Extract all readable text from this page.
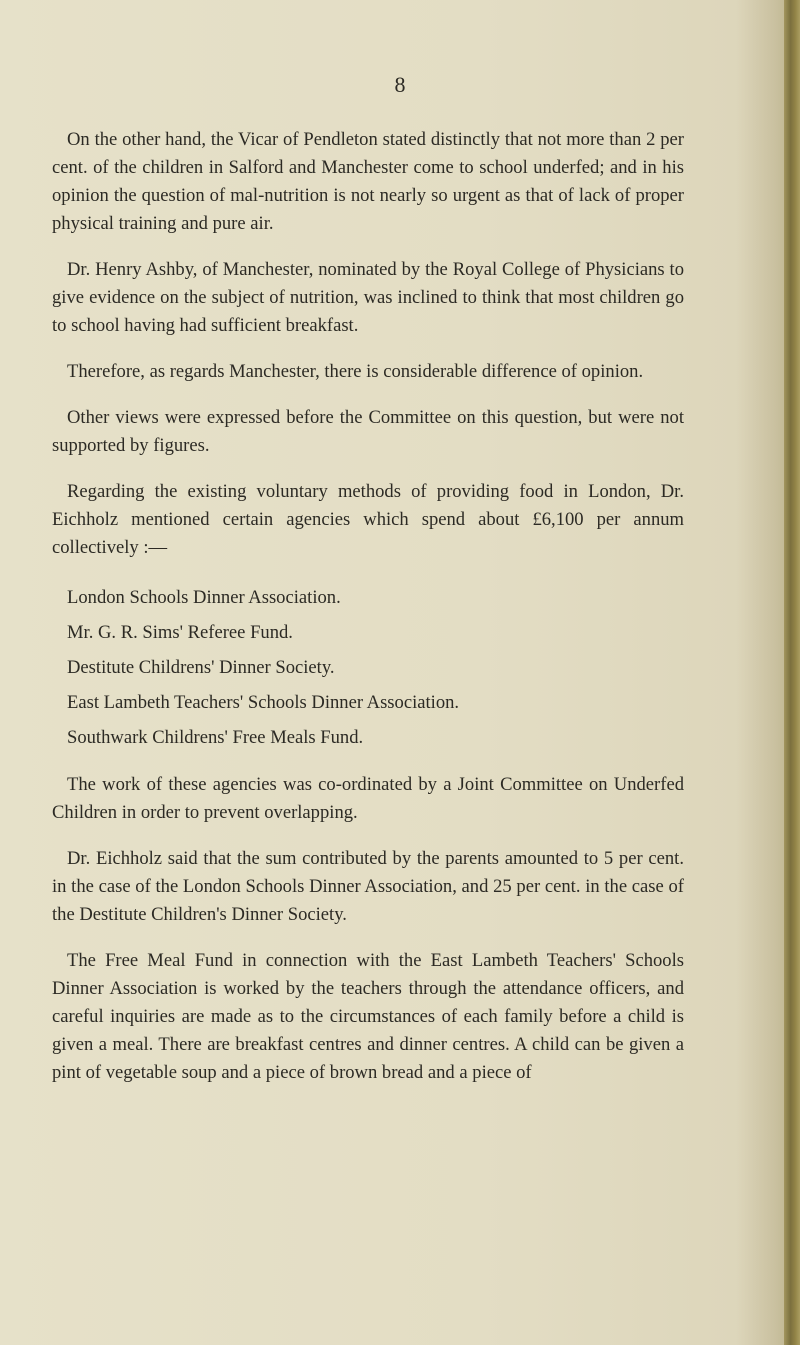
8

On the other hand, the Vicar of Pendleton stated distinctly that not more than 2 per cent. of the children in Salford and Manchester come to school underfed; and in his opinion the question of mal-nutrition is not nearly so urgent as that of lack of proper physical training and pure air.

Dr. Henry Ashby, of Manchester, nominated by the Royal College of Physicians to give evidence on the subject of nutrition, was inclined to think that most children go to school having had sufficient breakfast.

Therefore, as regards Manchester, there is considerable difference of opinion.

Other views were expressed before the Committee on this question, but were not supported by figures.

Regarding the existing voluntary methods of providing food in London, Dr. Eichholz mentioned certain agencies which spend about £6,100 per annum collectively :—

London Schools Dinner Association.
Mr. G. R. Sims' Referee Fund.
Destitute Childrens' Dinner Society.
East Lambeth Teachers' Schools Dinner Association.
Southwark Childrens' Free Meals Fund.

The work of these agencies was co-ordinated by a Joint Committee on Underfed Children in order to prevent overlapping.

Dr. Eichholz said that the sum contributed by the parents amounted to 5 per cent. in the case of the London Schools Dinner Association, and 25 per cent. in the case of the Destitute Children's Dinner Society.

The Free Meal Fund in connection with the East Lambeth Teachers' Schools Dinner Association is worked by the teachers through the attendance officers, and careful inquiries are made as to the circumstances of each family before a child is given a meal. There are breakfast centres and dinner centres. A child can be given a pint of vegetable soup and a piece of brown bread and a piece of
